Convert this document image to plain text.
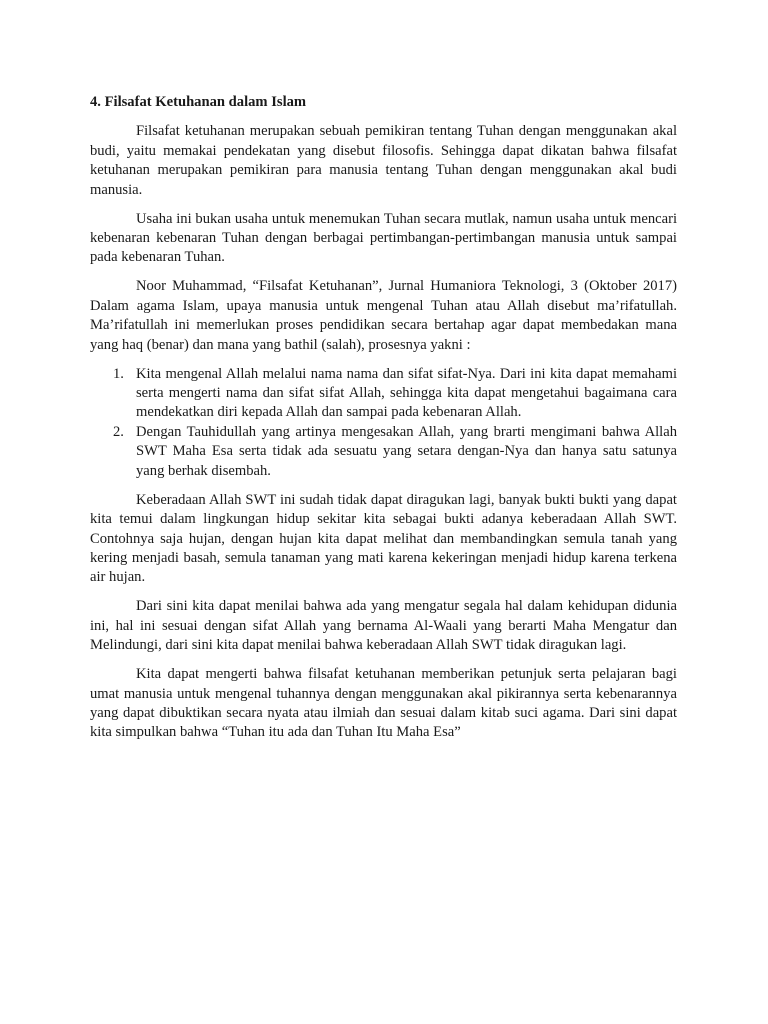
4. Filsafat Ketuhanan dalam Islam

Filsafat ketuhanan merupakan sebuah pemikiran tentang Tuhan dengan menggunakan akal budi, yaitu memakai pendekatan yang disebut filosofis. Sehingga dapat dikatan bahwa filsafat ketuhanan merupakan pemikiran para manusia tentang Tuhan dengan menggunakan akal budi manusia.

Usaha ini bukan usaha untuk menemukan Tuhan secara mutlak, namun usaha untuk mencari kebenaran kebenaran Tuhan dengan berbagai pertimbangan-pertimbangan manusia untuk sampai pada kebenaran Tuhan.

Noor Muhammad, “Filsafat Ketuhanan”, Jurnal Humaniora Teknologi, 3 (Oktober 2017) Dalam agama Islam, upaya manusia untuk mengenal Tuhan atau Allah disebut ma’rifatullah. Ma’rifatullah ini memerlukan proses pendidikan secara bertahap agar dapat membedakan mana yang haq (benar) dan mana yang bathil (salah), prosesnya yakni :

1. Kita mengenal Allah melalui nama nama dan sifat sifat-Nya. Dari ini kita dapat memahami serta mengerti nama dan sifat sifat Allah, sehingga kita dapat mengetahui bagaimana cara mendekatkan diri kepada Allah dan sampai pada kebenaran Allah.
2. Dengan Tauhidullah yang artinya mengesakan Allah, yang brarti mengimani bahwa Allah SWT Maha Esa serta tidak ada sesuatu yang setara dengan-Nya dan hanya satu satunya yang berhak disembah.

Keberadaan Allah SWT ini sudah tidak dapat diragukan lagi, banyak bukti bukti yang dapat kita temui dalam lingkungan hidup sekitar kita sebagai bukti adanya keberadaan Allah SWT. Contohnya saja hujan, dengan hujan kita dapat melihat dan membandingkan semula tanah yang kering menjadi basah, semula tanaman yang mati karena kekeringan menjadi hidup karena terkena air hujan.

Dari sini kita dapat menilai bahwa ada yang mengatur segala hal dalam kehidupan didunia ini, hal ini sesuai dengan sifat Allah yang bernama Al-Waali yang berarti Maha Mengatur dan Melindungi, dari sini kita dapat menilai bahwa keberadaan Allah SWT tidak diragukan lagi.

Kita dapat mengerti bahwa filsafat ketuhanan memberikan petunjuk serta pelajaran bagi umat manusia untuk mengenal tuhannya dengan menggunakan akal pikirannya serta kebenarannya yang dapat dibuktikan secara nyata atau ilmiah dan sesuai dalam kitab suci agama. Dari sini dapat kita simpulkan bahwa “Tuhan itu ada dan Tuhan Itu Maha Esa”
